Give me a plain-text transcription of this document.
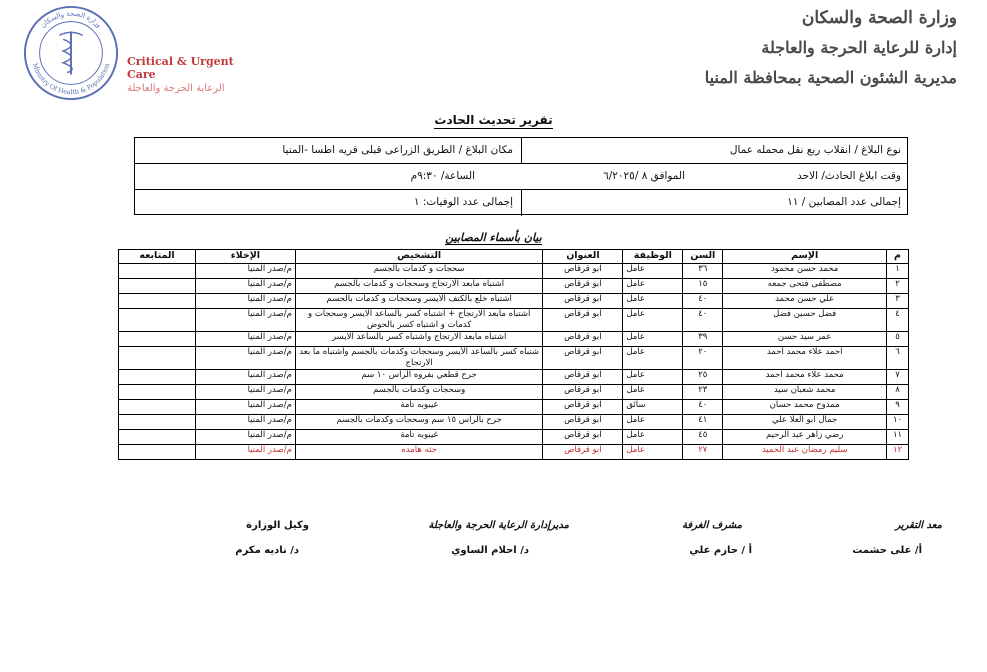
وزارة الصحة والسكان
إدارة للرعاية الحرجة والعاجلة
مديرية الشئون الصحية بمحافظة المنيا
وزارة الصحة والسكان
Ministry Of Health & Population Critical & Urgent Care
الرعاية الحرجة والعاجلة
تقرير تحديث الحادث
نوع البلاغ / انقلاب ربع نقل محمله عمال
مكان البلاغ / الطريق الزراعى قبلى قريه اطسا -المنيا
وقت ابلاغ الحادث/ الاحد
الموافق ٨ /٦/٢٠٢٥
الساعة/ ٩:٣٠م
إجمالى عدد المصابين / ١١
إجمالى عدد الوفيات: ١
بيان بأسماء المصابين
م	الإسم	السن	الوظيفة	العنوان	التشخيص	الإخلاء	المتابعه
١	محمد حسن محمود	٣٦	عامل	ابو قرقاص	سحجات و كدمات بالجسم	م/صدر المنيا	
٢	مصطفى فتحى جمعه	١٥	عامل	ابو قرقاص	اشتباه مابعد الارتجاج وسحجات و كدمات بالجسم	م/صدر المنيا	
٣	علي حسن محمد	٤٠	عامل	ابو قرقاص	اشتباه خلع بالكتف الايسر وسحجات و كدمات بالجسم	م/صدر المنيا	
٤	فضل حسين فضل	٤٠	عامل	ابو قرقاص	اشتباه مابعد الارتجاج + اشتباه كسر بالساعد الايسر وسحجات و كدمات و اشتباه كسر بالحوض	م/صدر المنيا	
٥	عمر سيد حسن	٣٩	عامل	ابو قرقاص	اشتباه مابعد الارتجاج واشتباه كسر بالساعد الايسر	م/صدر المنيا	
٦	احمد علاء محمد احمد	٢٠	عامل	ابو قرقاص	شتباه كسر بالساعد الأيسر وسحجات وكدمات بالجسم واشتباه ما بعد الارتجاج	م/صدر المنيا	
٧	محمد علاء محمد احمد	٢٥	عامل	ابو قرقاص	جرح قطعي بفروه الراس ١٠ سم	م/صدر المنيا	
٨	محمد شعبان سيد	٢٣	عامل	ابو قرقاص	وسحجات وكدمات بالجسم	م/صدر المنيا	
٩	ممدوح محمد حسان	٤٠	سائق	ابو قرقاص	غيبوبه تامة	م/صدر المنيا	
١٠	جمال ابو العلا علي	٤١	عامل	ابو قرقاص	جرح بالراس ١٥ سم وسحجات وكدمات بالجسم	م/صدر المنيا	
١١	رضي زاهر عبد الرحيم	٤٥	عامل	ابو قرقاص	غيبوبه تامة	م/صدر المنيا	
١٢	سليم رمضان عبد الحميد	٢٧	عامل	ابو قرقاص	جثه هامده	م/صدر المنيا	
معد التقرير
أ/ على حشمت
مشرف الغرفة
أ / حازم علي
مديرإدارة الرعاية الحرجة والعاجلة
د/ احلام الساوي
وكيل الوزارة
د/ ناديه مكرم
